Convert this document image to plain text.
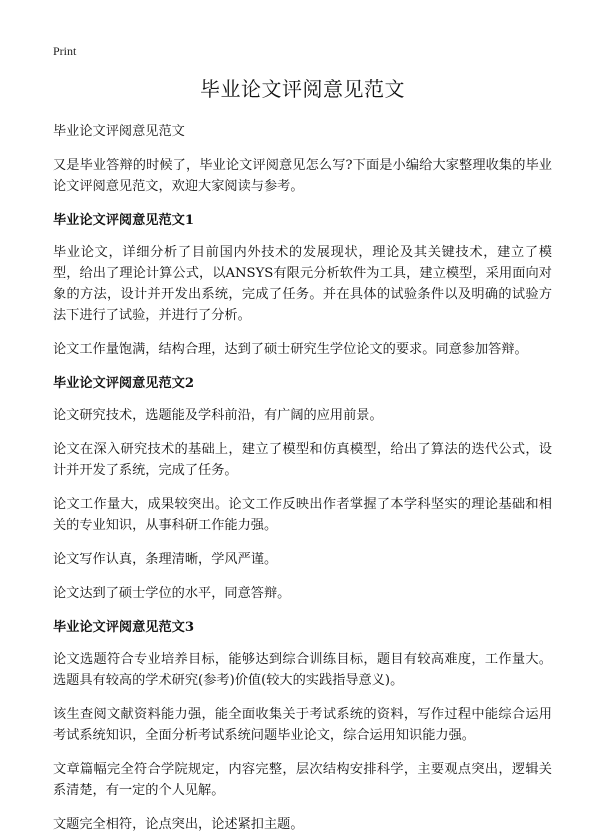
Print
毕业论文评阅意见范文
毕业论文评阅意见范文
又是毕业答辩的时候了，毕业论文评阅意见怎么写?下面是小编给大家整理收集的毕业论文评阅意见范文，欢迎大家阅读与参考。
毕业论文评阅意见范文1
毕业论文，详细分析了目前国内外技术的发展现状，理论及其关键技术，建立了模型，给出了理论计算公式，以ANSYS有限元分析软件为工具，建立模型，采用面向对象的方法，设计并开发出系统，完成了任务。并在具体的试验条件以及明确的试验方法下进行了试验，并进行了分析。
论文工作量饱满，结构合理，达到了硕士研究生学位论文的要求。同意参加答辩。
毕业论文评阅意见范文2
论文研究技术，选题能及学科前沿，有广阔的应用前景。
论文在深入研究技术的基础上，建立了模型和仿真模型，给出了算法的迭代公式，设计并开发了系统，完成了任务。
论文工作量大，成果较突出。论文工作反映出作者掌握了本学科坚实的理论基础和相关的专业知识，从事科研工作能力强。
论文写作认真，条理清晰，学风严谨。
论文达到了硕士学位的水平，同意答辩。
毕业论文评阅意见范文3
论文选题符合专业培养目标，能够达到综合训练目标，题目有较高难度，工作量大。选题具有较高的学术研究(参考)价值(较大的实践指导意义)。
该生查阅文献资料能力强，能全面收集关于考试系统的资料，写作过程中能综合运用考试系统知识，全面分析考试系统问题毕业论文，综合运用知识能力强。
文章篇幅完全符合学院规定，内容完整，层次结构安排科学，主要观点突出，逻辑关系清楚，有一定的个人见解。
文题完全相符，论点突出，论述紧扣主题。
